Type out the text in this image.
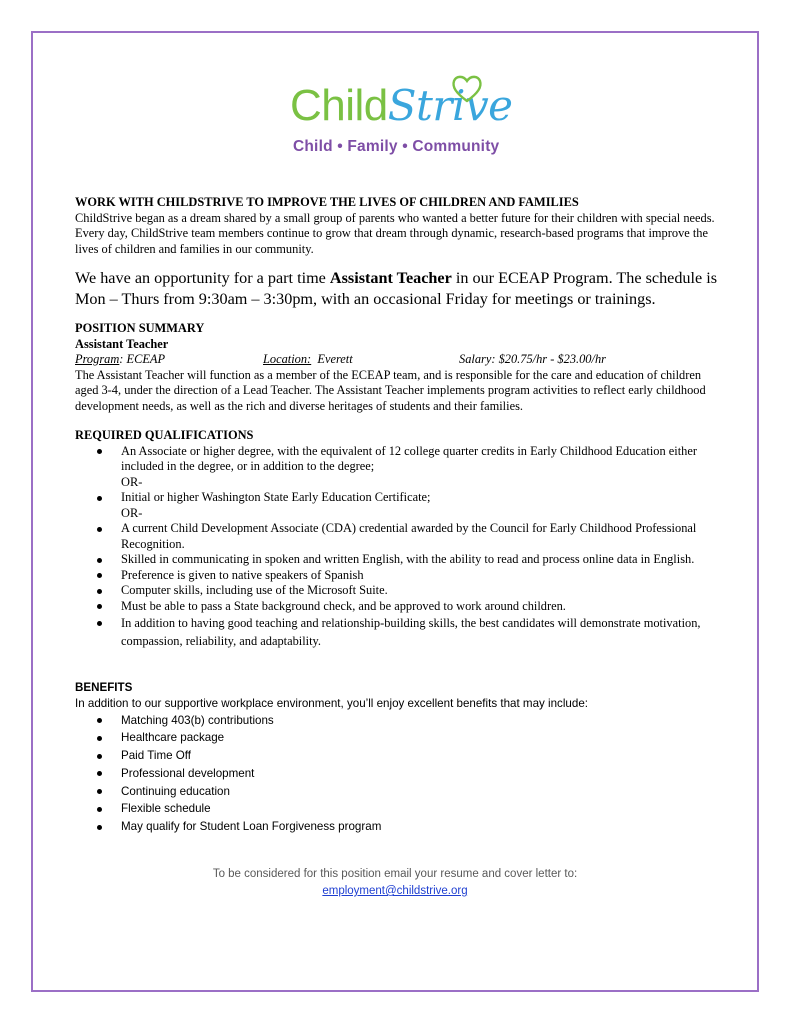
ChildStrive
Child • Family • Community

WORK WITH CHILDSTRIVE TO IMPROVE THE LIVES OF CHILDREN AND FAMILIES

ChildStrive began as a dream shared by a small group of parents who wanted a better future for their children with special needs. Every day, ChildStrive team members continue to grow that dream through dynamic, research-based programs that improve the lives of children and families in our community.

We have an opportunity for a part time Assistant Teacher in our ECEAP Program. The schedule is Mon – Thurs from 9:30am – 3:30pm, with an occasional Friday for meetings or trainings.

POSITION SUMMARY

Assistant Teacher

Program: ECEAP	Location:  Everett	Salary: $20.75/hr - $23.00/hr

The Assistant Teacher will function as a member of the ECEAP team, and is responsible for the care and education of children aged 3-4, under the direction of a Lead Teacher. The Assistant Teacher implements program activities to reflect early childhood development needs, as well as the rich and diverse heritages of students and their families.

REQUIRED QUALIFICATIONS

An Associate or higher degree, with the equivalent of 12 college quarter credits in Early Childhood Education either included in the degree, or in addition to the degree;
OR-
Initial or higher Washington State Early Education Certificate;
OR-
A current Child Development Associate (CDA) credential awarded by the Council for Early Childhood Professional Recognition.
Skilled in communicating in spoken and written English, with the ability to read and process online data in English.
Preference is given to native speakers of Spanish
Computer skills, including use of the Microsoft Suite.
Must be able to pass a State background check, and be approved to work around children.
In addition to having good teaching and relationship-building skills, the best candidates will demonstrate motivation, compassion, reliability, and adaptability.

BENEFITS

In addition to our supportive workplace environment, you’ll enjoy excellent benefits that may include:

Matching 403(b) contributions
Healthcare package
Paid Time Off
Professional development
Continuing education
Flexible schedule
May qualify for Student Loan Forgiveness program

To be considered for this position email your resume and cover letter to:

employment@childstrive.org
